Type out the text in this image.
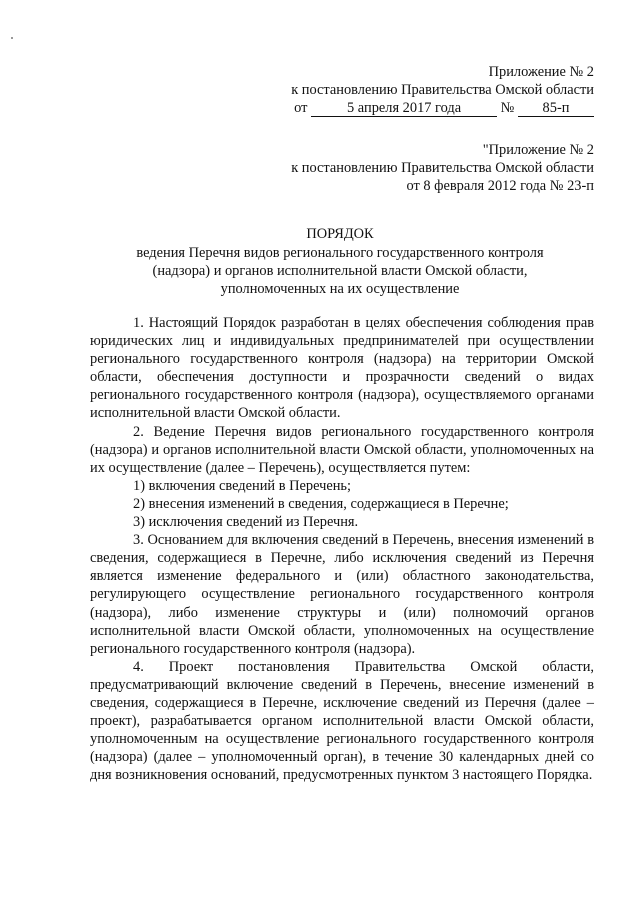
Приложение № 2
к постановлению Правительства Омской области
от	5 апреля 2017 года	№ 85-п
"Приложение № 2
к постановлению Правительства Омской области
от 8 февраля 2012 года № 23-п
ПОРЯДОК
ведения Перечня видов регионального государственного контроля
(надзора) и органов исполнительной власти Омской области,
уполномоченных на их осуществление

1. Настоящий Порядок разработан в целях обеспечения соблюдения прав юридических лиц и индивидуальных предпринимателей при осуществлении регионального государственного контроля (надзора) на территории Омской области, обеспечения доступности и прозрачности сведений о видах регионального государственного контроля (надзора), осуществляемого органами исполнительной власти Омской области.

2. Ведение Перечня видов регионального государственного контроля (надзора) и органов исполнительной власти Омской области, уполномоченных на их осуществление (далее – Перечень), осуществляется путем:

1) включения сведений в Перечень;

2) внесения изменений в сведения, содержащиеся в Перечне;

3) исключения сведений из Перечня.

3. Основанием для включения сведений в Перечень, внесения изменений в сведения, содержащиеся в Перечне, либо исключения сведений из Перечня является изменение федерального и (или) областного законодательства, регулирующего осуществление регионального государственного контроля (надзора), либо изменение структуры и (или) полномочий органов исполнительной власти Омской области, уполномоченных на осуществление регионального государственного контроля (надзора).

4. Проект постановления Правительства Омской области, предусматривающий включение сведений в Перечень, внесение изменений в сведения, содержащиеся в Перечне, исключение сведений из Перечня (далее – проект), разрабатывается органом исполнительной власти Омской области, уполномоченным на осуществление регионального государственного контроля (надзора) (далее – уполномоченный орган), в течение 30 календарных дней со дня возникновения оснований, предусмотренных пунктом 3 настоящего Порядка.
